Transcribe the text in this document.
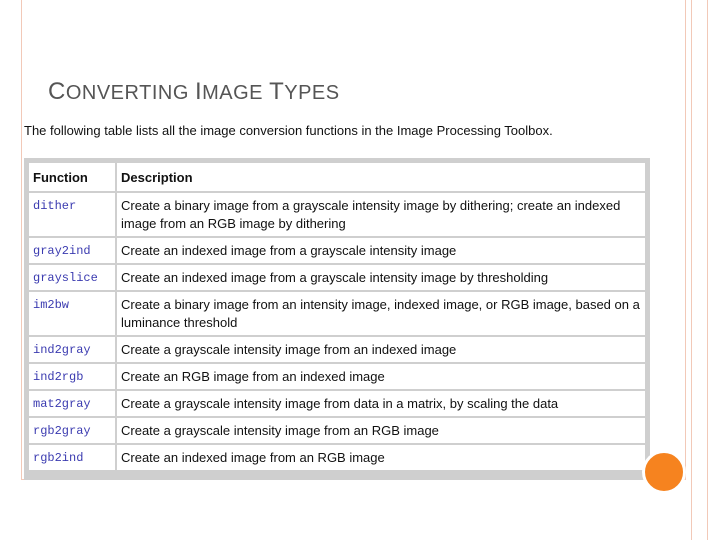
CONVERTING IMAGE TYPES
The following table lists all the image conversion functions in the Image Processing Toolbox.
Function	Description
dither	Create a binary image from a grayscale intensity image by dithering; create an indexed image from an RGB image by dithering
gray2ind	Create an indexed image from a grayscale intensity image
grayslice	Create an indexed image from a grayscale intensity image by thresholding
im2bw	Create a binary image from an intensity image, indexed image, or RGB image, based on a luminance threshold
ind2gray	Create a grayscale intensity image from an indexed image
ind2rgb	Create an RGB image from an indexed image
mat2gray	Create a grayscale intensity image from data in a matrix, by scaling the data
rgb2gray	Create a grayscale intensity image from an RGB image
rgb2ind	Create an indexed image from an RGB image
